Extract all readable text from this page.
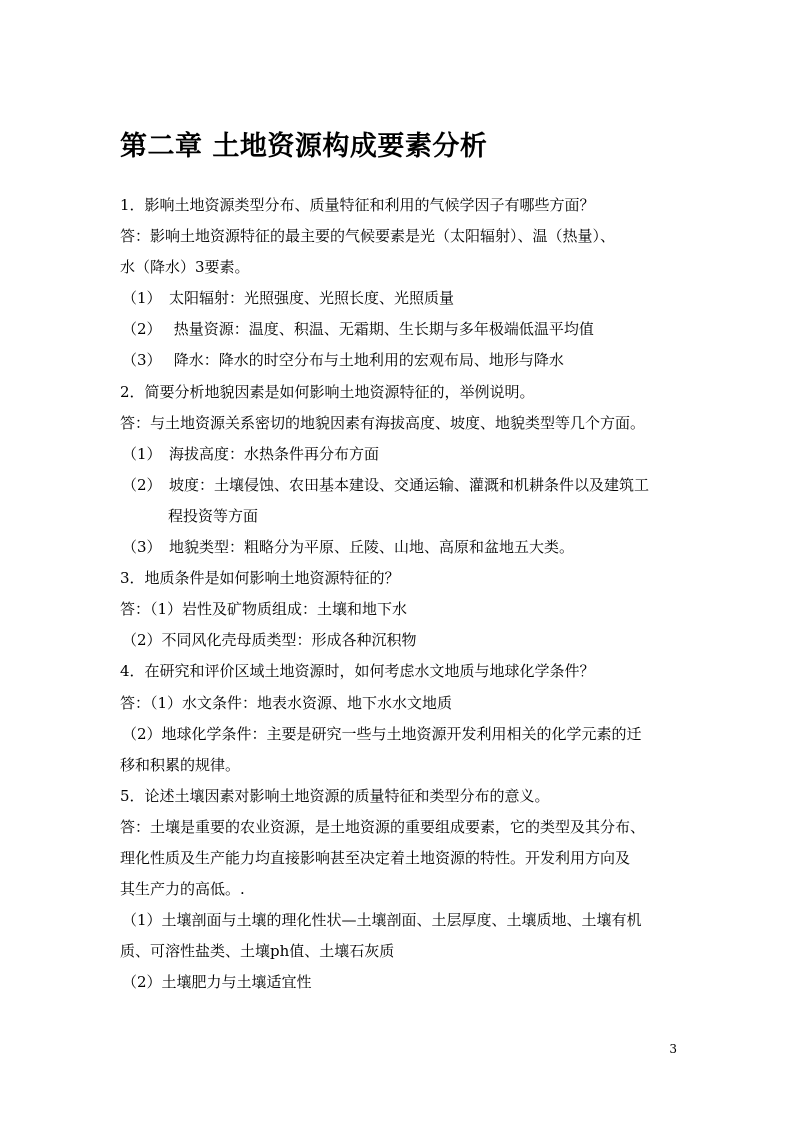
第二章 土地资源构成要素分析
1．影响土地资源类型分布、质量特征和利用的气候学因子有哪些方面？
答：影响土地资源特征的最主要的气候要素是光（太阳辐射）、温（热量）、
水（降水）3要素。
（1）　太阳辐射：光照强度、光照长度、光照质量
（2）　 热量资源：温度、积温、无霜期、生长期与多年极端低温平均值
（3）　 降水：降水的时空分布与土地利用的宏观布局、地形与降水
2．简要分析地貌因素是如何影响土地资源特征的，举例说明。
答：与土地资源关系密切的地貌因素有海拔高度、坡度、地貌类型等几个方面。
（1）　海拔高度：水热条件再分布方面
（2）　坡度：土壤侵蚀、农田基本建设、交通运输、灌溉和机耕条件以及建筑工
程投资等方面
（3）　地貌类型：粗略分为平原、丘陵、山地、高原和盆地五大类。
3．地质条件是如何影响土地资源特征的？
答：（1）岩性及矿物质组成：土壤和地下水
（2）不同风化壳母质类型：形成各种沉积物
4．在研究和评价区域土地资源时，如何考虑水文地质与地球化学条件？
答：（1）水文条件：地表水资源、地下水水文地质
（2）地球化学条件：主要是研究一些与土地资源开发利用相关的化学元素的迁
移和积累的规律。
5．论述土壤因素对影响土地资源的质量特征和类型分布的意义。
答：土壤是重要的农业资源，是土地资源的重要组成要素，它的类型及其分布、
理化性质及生产能力均直接影响甚至决定着土地资源的特性。开发利用方向及
其生产力的高低。.
（1）土壤剖面与土壤的理化性状—土壤剖面、土层厚度、土壤质地、土壤有机
质、可溶性盐类、土壤ph值、土壤石灰质
（2）土壤肥力与土壤适宜性
3
